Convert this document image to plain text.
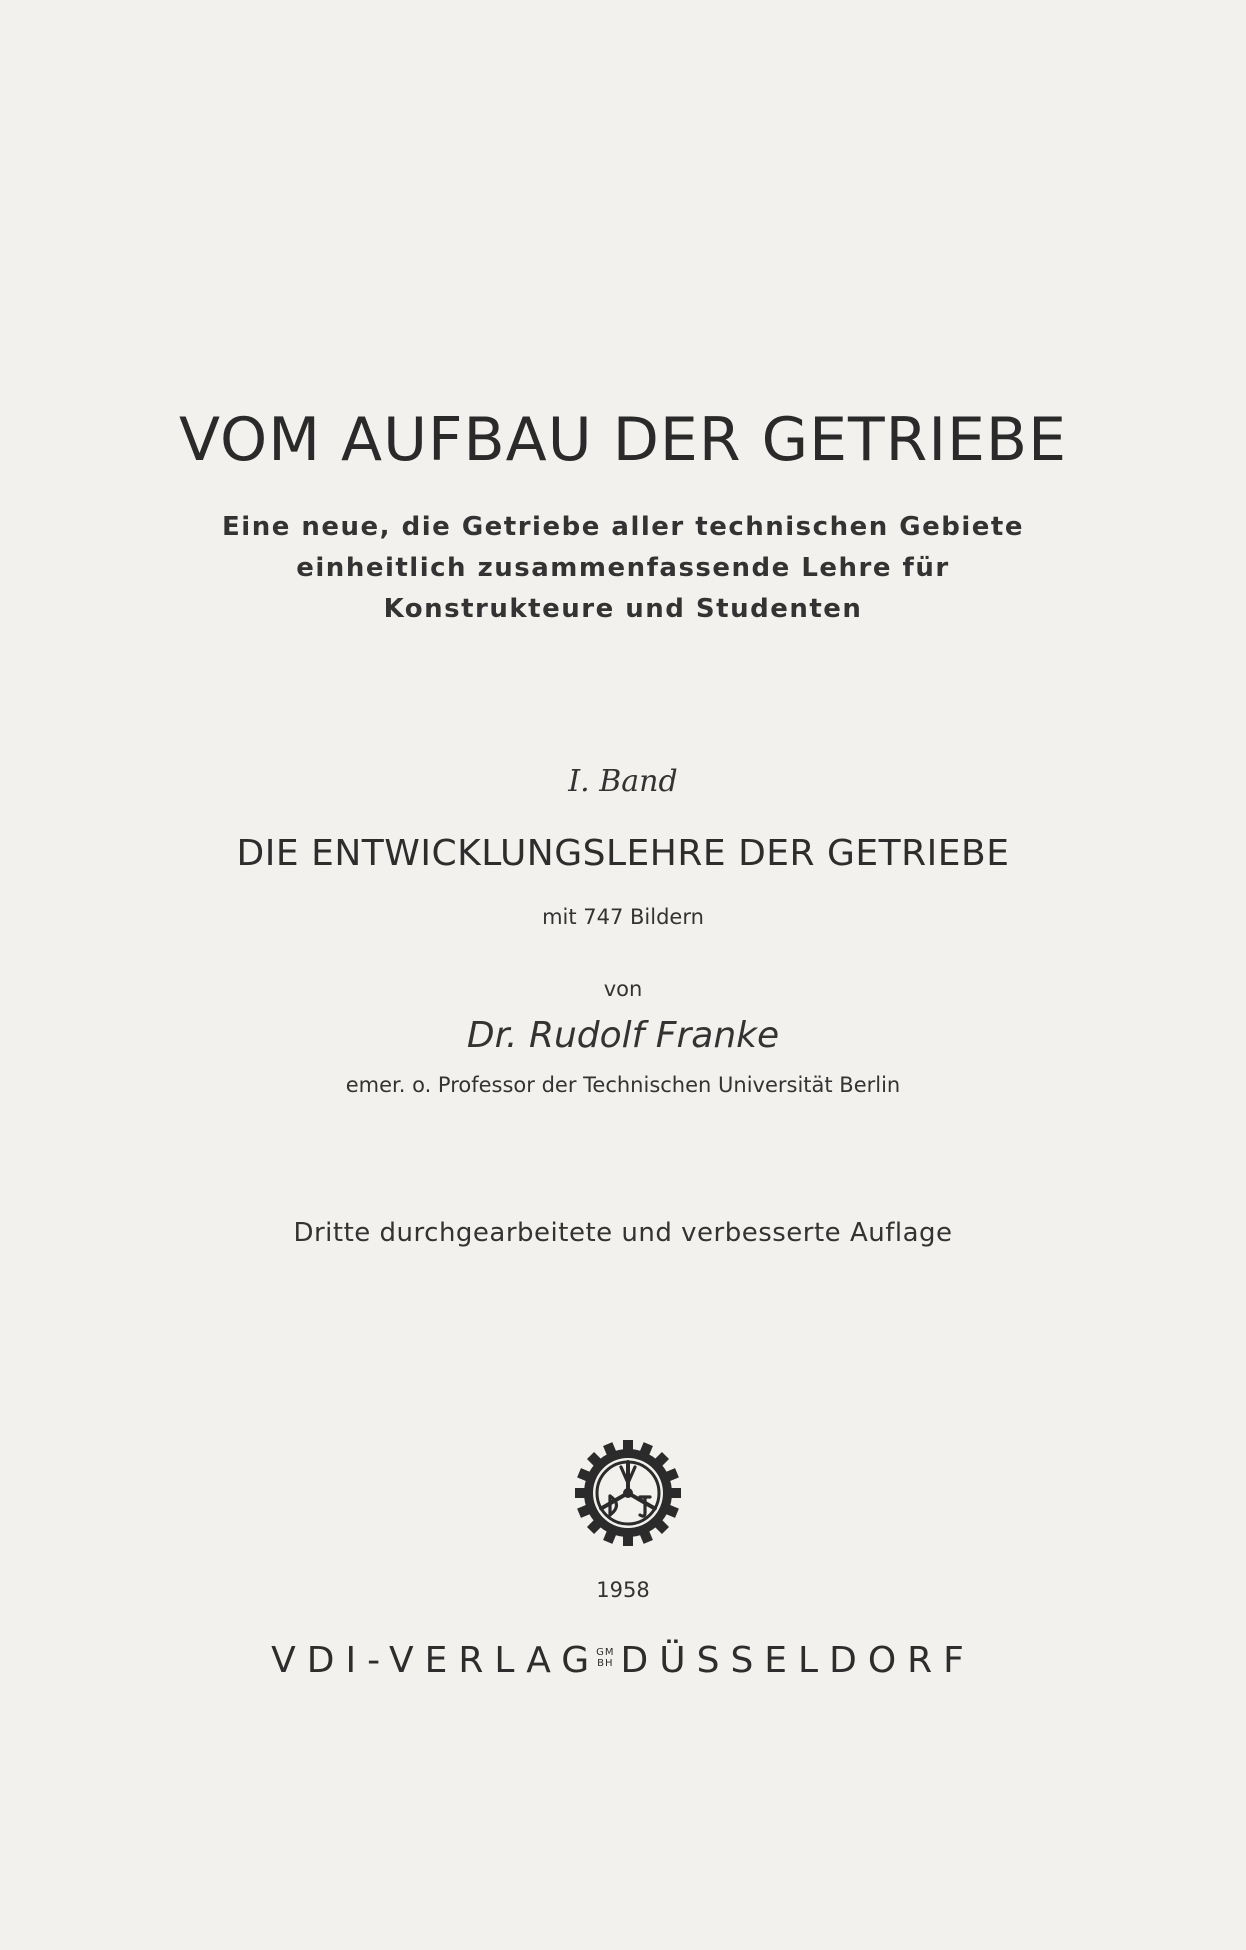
VOM AUFBAU DER GETRIEBE
Eine neue, die Getriebe aller technischen Gebiete
einheitlich zusammenfassende Lehre für
Konstrukteure und Studenten
I. Band
DIE ENTWICKLUNGSLEHRE DER GETRIEBE
mit 747 Bildern
von
Dr. Rudolf Franke
emer. o. Professor der Technischen Universität Berlin
Dritte durchgearbeitete und verbesserte Auflage
1958
VDI-VERLAGGM
BH DÜSSELDORF
